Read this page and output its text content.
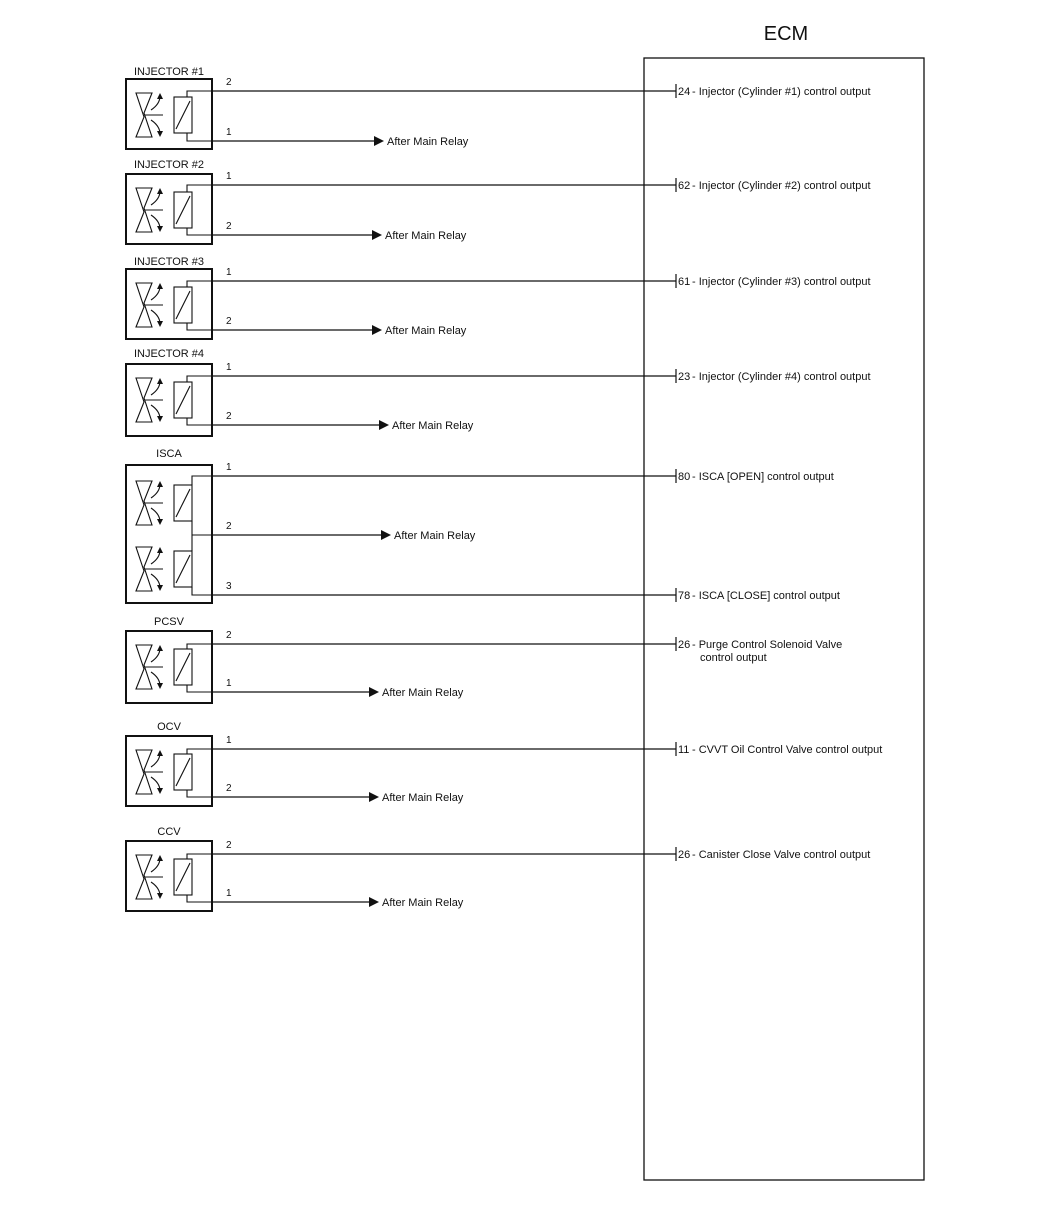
ECM
INJECTOR #1
2
24 - Injector (Cylinder #1) control output
1
After Main Relay
INJECTOR #2
1
62 - Injector (Cylinder #2) control output
2
After Main Relay
INJECTOR #3
1
61 - Injector (Cylinder #3) control output
2
After Main Relay
INJECTOR #4
1
23 - Injector (Cylinder #4) control output
2
After Main Relay
ISCA
1
80 - ISCA [OPEN] control output
2
After Main Relay
3
78 - ISCA [CLOSE] control output
PCSV
2
26 - Purge Control Solenoid Valve control output
1
After Main Relay
OCV
1
11 - CVVT Oil Control Valve control output
2
After Main Relay
CCV
2
26 - Canister Close Valve control output
1
After Main Relay
